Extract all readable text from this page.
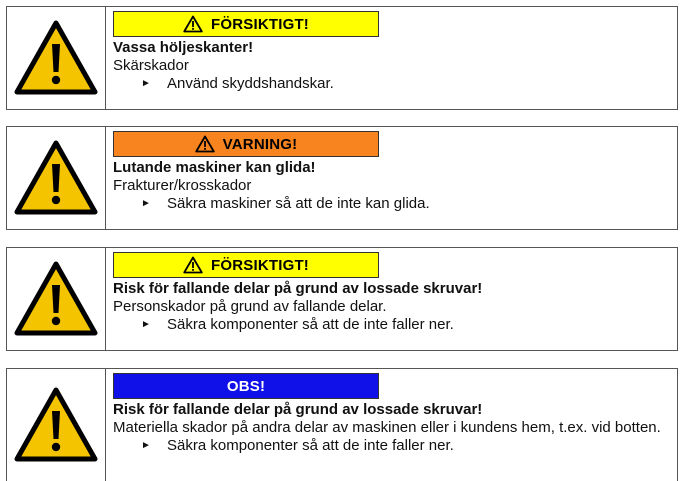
FÖRSIKTIGT!
Vassa höljeskanter!
Skärskador
► Använd skyddshandskar.
VARNING!
Lutande maskiner kan glida!
Frakturer/krosskador
► Säkra maskiner så att de inte kan glida.
FÖRSIKTIGT!
Risk för fallande delar på grund av lossade skruvar!
Personskador på grund av fallande delar.
► Säkra komponenter så att de inte faller ner.
OBS!
Risk för fallande delar på grund av lossade skruvar!
Materiella skador på andra delar av maskinen eller i kundens hem, t.ex. vid botten.
► Säkra komponenter så att de inte faller ner.
